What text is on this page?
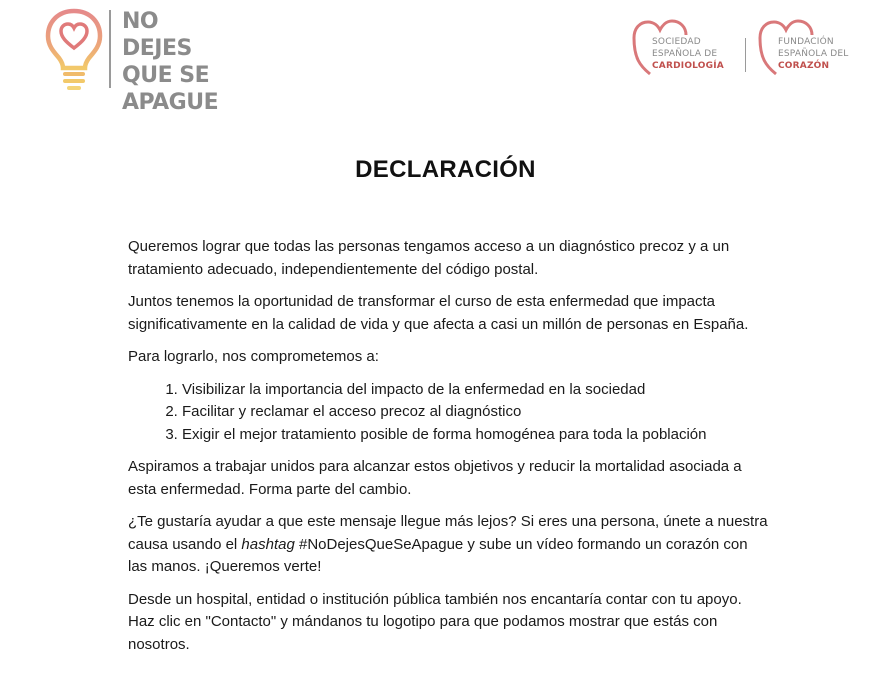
NO DEJES
QUE SE
APAGUE
SOCIEDAD
ESPAÑOLA DE
CARDIOLOGÍA
FUNDACIÓN
ESPAÑOLA DEL
CORAZÓN
DECLARACIÓN

Queremos lograr que todas las personas tengamos acceso a un diagnóstico precoz y a un tratamiento adecuado, independientemente del código postal.

Juntos tenemos la oportunidad de transformar el curso de esta enfermedad que impacta significativamente en la calidad de vida y que afecta a casi un millón de personas en España.

Para lograrlo, nos comprometemos a:

1. Visibilizar la importancia del impacto de la enfermedad en la sociedad
2. Facilitar y reclamar el acceso precoz al diagnóstico
3. Exigir el mejor tratamiento posible de forma homogénea para toda la población

Aspiramos a trabajar unidos para alcanzar estos objetivos y reducir la mortalidad asociada a esta enfermedad. Forma parte del cambio.

¿Te gustaría ayudar a que este mensaje llegue más lejos? Si eres una persona, únete a nuestra causa usando el hashtag #NoDejesQueSeApague y sube un vídeo formando un corazón con las manos. ¡Queremos verte!

Desde un hospital, entidad o institución pública también nos encantaría contar con tu apoyo. Haz clic en "Contacto" y mándanos tu logotipo para que podamos mostrar que estás con nosotros.
